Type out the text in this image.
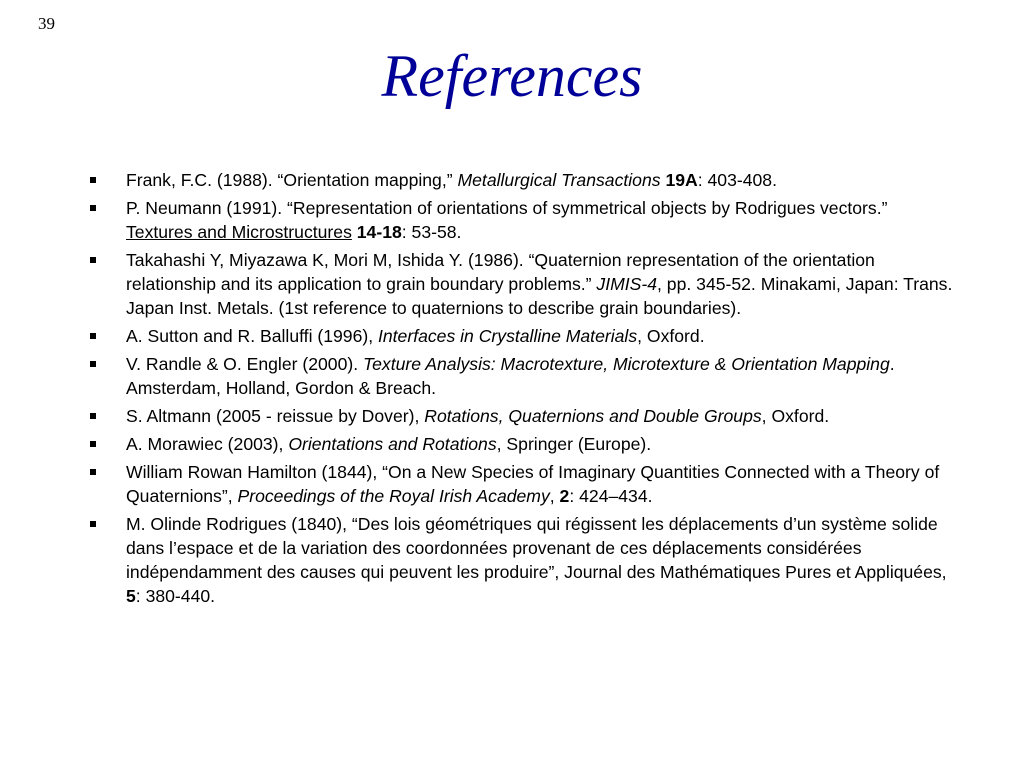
39
References
Frank, F.C. (1988). “Orientation mapping,” Metallurgical Transactions 19A: 403-408.
P. Neumann (1991). “Representation of orientations of symmetrical objects by Rodrigues vectors.” Textures and Microstructures 14-18: 53-58.
Takahashi Y, Miyazawa K, Mori M, Ishida Y. (1986). “Quaternion representation of the orientation relationship and its application to grain boundary problems.” JIMIS-4, pp. 345-52. Minakami, Japan: Trans. Japan Inst. Metals. (1st reference to quaternions to describe grain boundaries).
A. Sutton and R. Balluffi (1996), Interfaces in Crystalline Materials, Oxford.
V. Randle & O. Engler (2000). Texture Analysis: Macrotexture, Microtexture & Orientation Mapping. Amsterdam, Holland, Gordon & Breach.
S. Altmann (2005 - reissue by Dover), Rotations, Quaternions and Double Groups, Oxford.
A. Morawiec (2003), Orientations and Rotations, Springer (Europe).
William Rowan Hamilton (1844), “On a New Species of Imaginary Quantities Connected with a Theory of Quaternions”, Proceedings of the Royal Irish Academy, 2: 424–434.
M. Olinde Rodrigues (1840), “Des lois géométriques qui régissent les déplacements d’un système solide dans l’espace et de la variation des coordonnées provenant de ces déplacements considérées indépendamment des causes qui peuvent les produire”, Journal des Mathématiques Pures et Appliquées, 5: 380-440.
